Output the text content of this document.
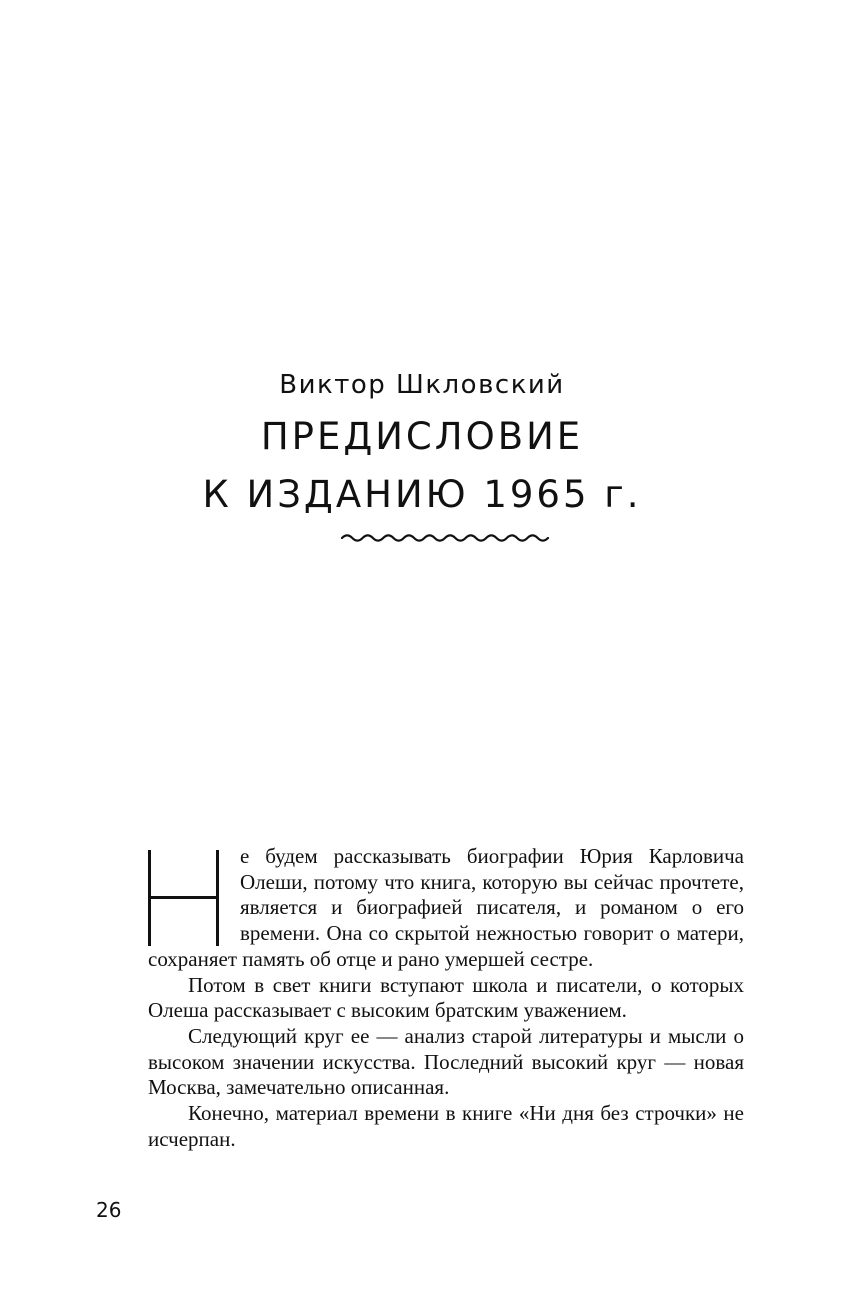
Виктор Шкловский
ПРЕДИСЛОВИЕ
К ИЗДАНИЮ 1965 г.

е будем рассказывать биографии Юрия Карловича Олеши, потому что книга, которую вы сейчас прочтете, является и биографией писателя, и романом о его времени. Она со скрытой нежностью говорит о матери, сохраняет память об отце и рано умершей сестре.

Потом в свет книги вступают школа и писатели, о которых Олеша рассказывает с высоким братским уважением.

Следующий круг ее — анализ старой литературы и мысли о высоком значении искусства. Последний высокий круг — новая Москва, замечательно описанная.

Конечно, материал времени в книге «Ни дня без строчки» не исчерпан.

26
